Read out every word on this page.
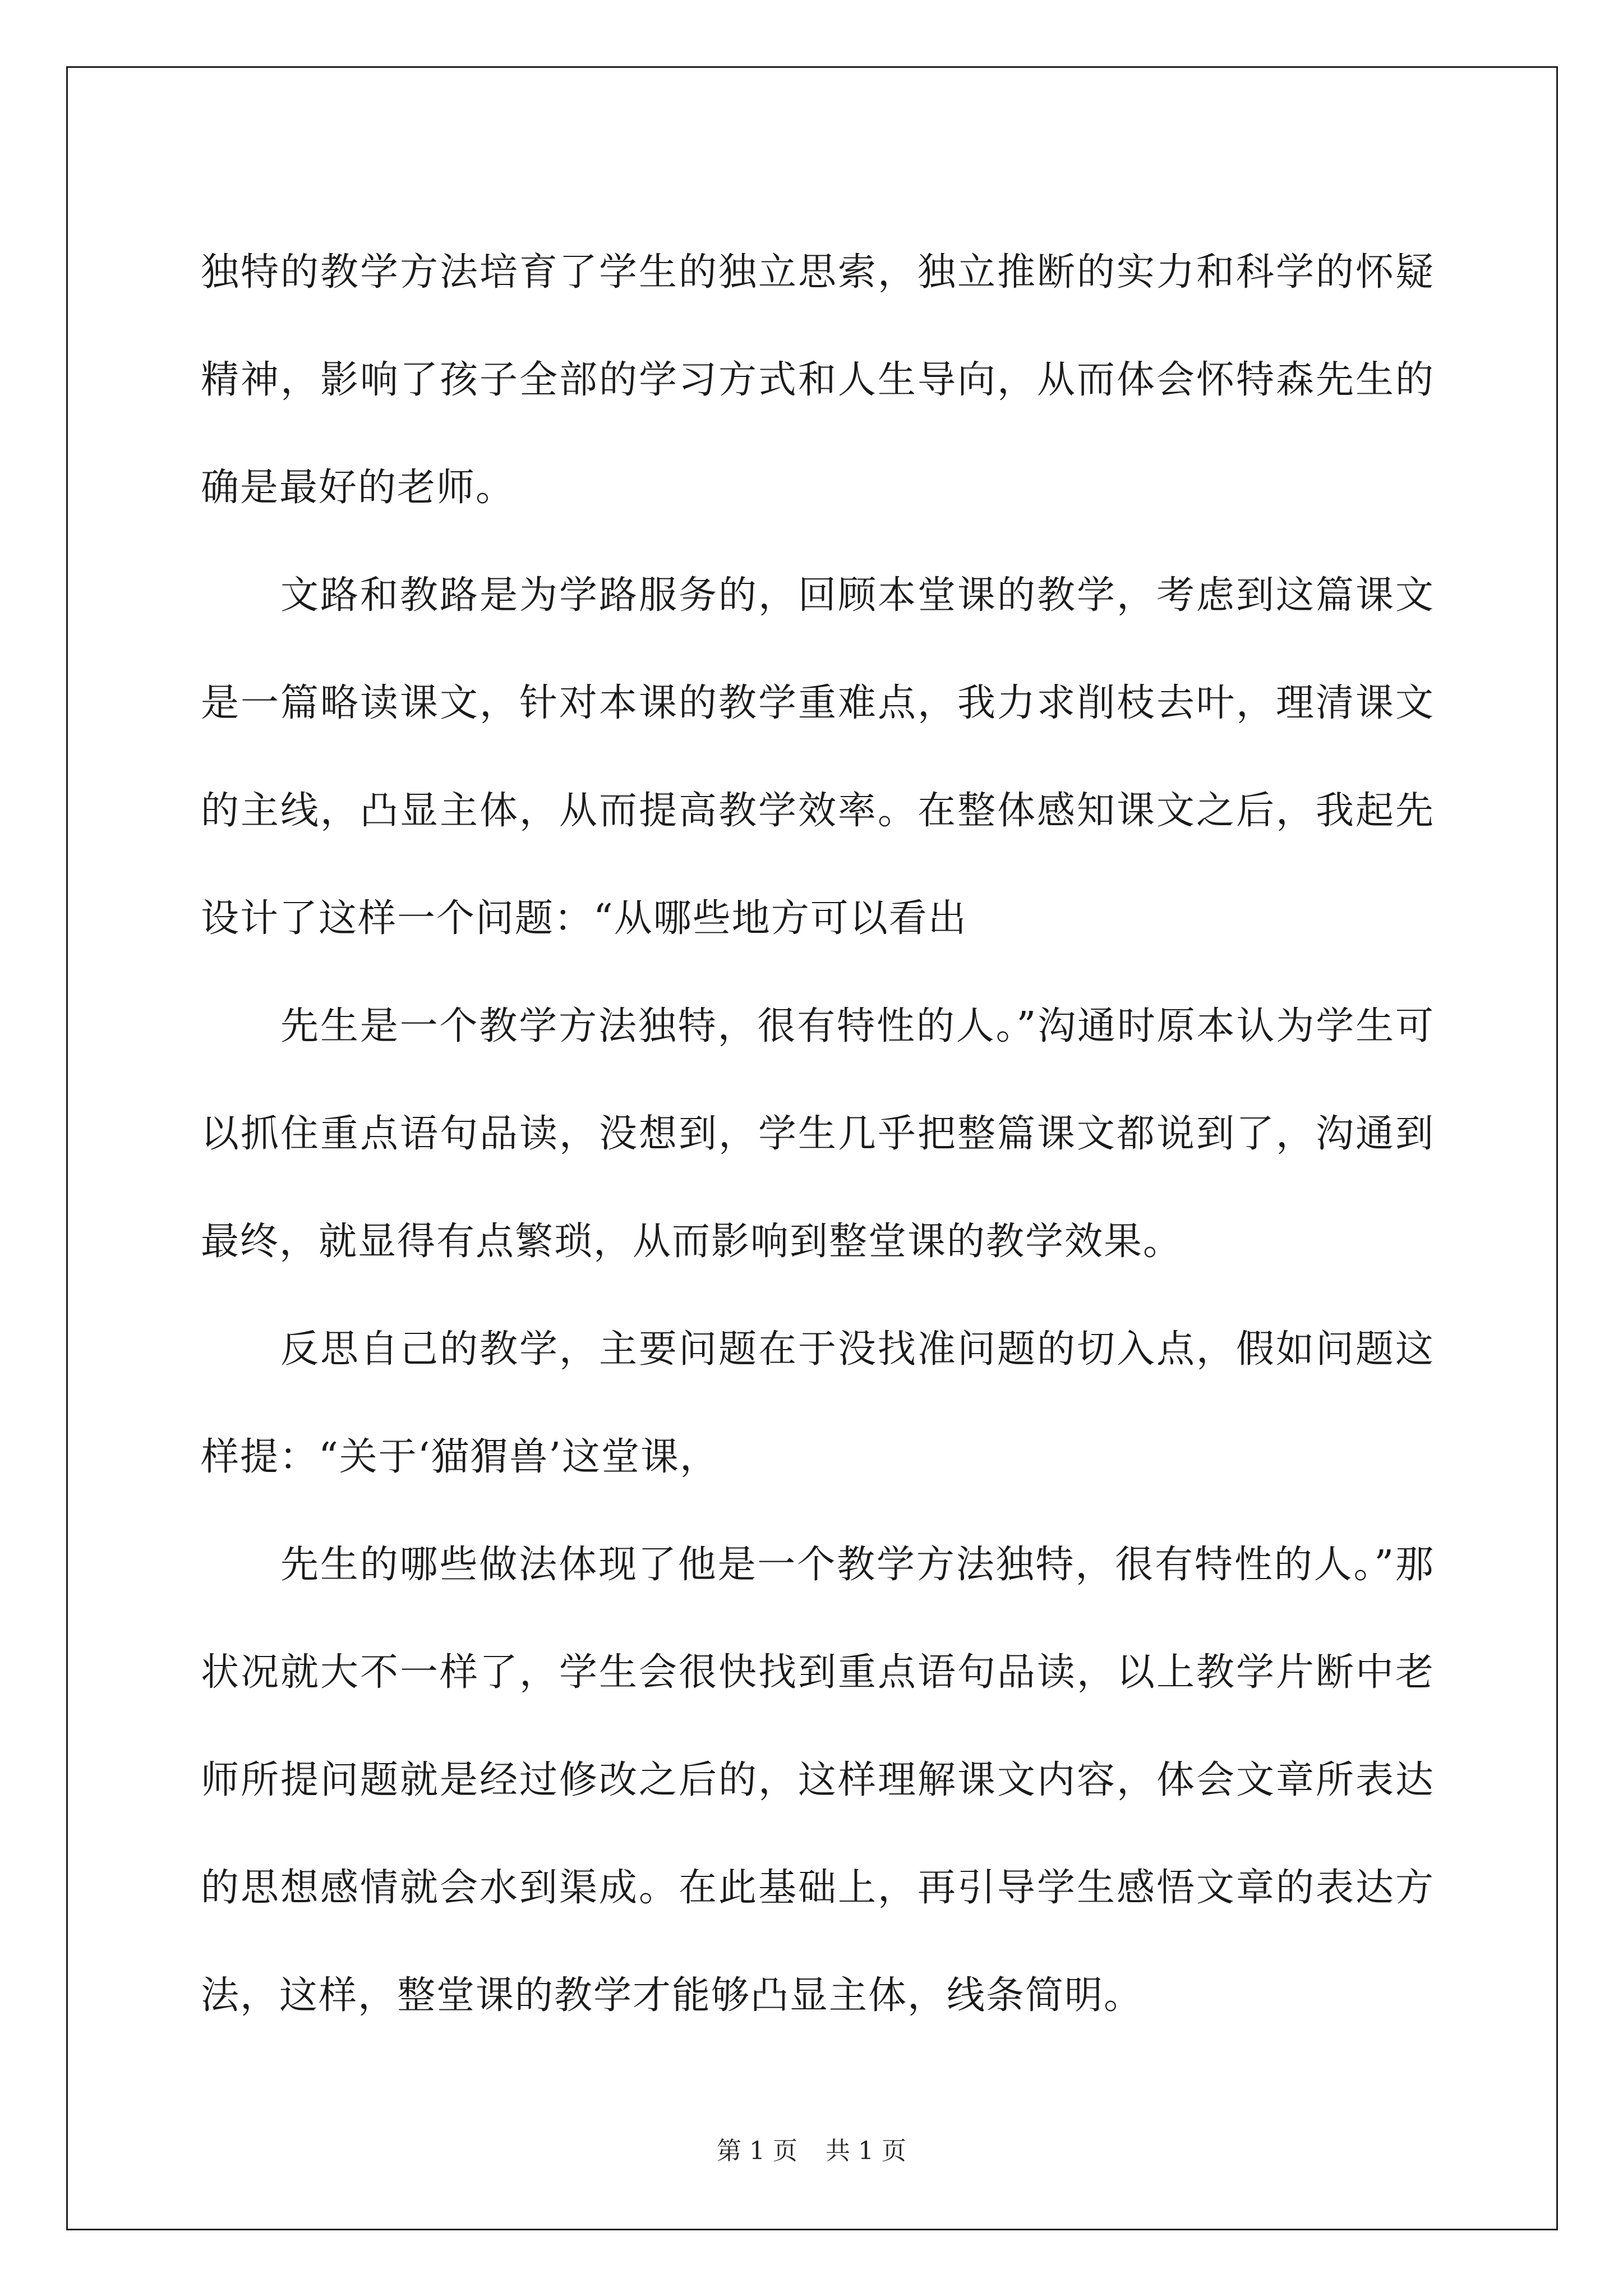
独特的教学方法培育了学生的独立思索，独立推断的实力和科学的怀疑精神，影响了孩子全部的学习方式和人生导向，从而体会怀特森先生的确是最好的老师。

文路和教路是为学路服务的，回顾本堂课的教学，考虑到这篇课文是一篇略读课文，针对本课的教学重难点，我力求削枝去叶，理清课文的主线，凸显主体，从而提高教学效率。在整体感知课文之后，我起先设计了这样一个问题：“从哪些地方可以看出

先生是一个教学方法独特，很有特性的人。”沟通时原本认为学生可以抓住重点语句品读，没想到，学生几乎把整篇课文都说到了，沟通到最终，就显得有点繁琐，从而影响到整堂课的教学效果。

反思自己的教学，主要问题在于没找准问题的切入点，假如问题这样提：“关于‘猫猬兽’这堂课，

先生的哪些做法体现了他是一个教学方法独特，很有特性的人。”那状况就大不一样了，学生会很快找到重点语句品读，以上教学片断中老师所提问题就是经过修改之后的，这样理解课文内容，体会文章所表达的思想感情就会水到渠成。在此基础上，再引导学生感悟文章的表达方法，这样，整堂课的教学才能够凸显主体，线条简明。

第 1 页 共 1 页
